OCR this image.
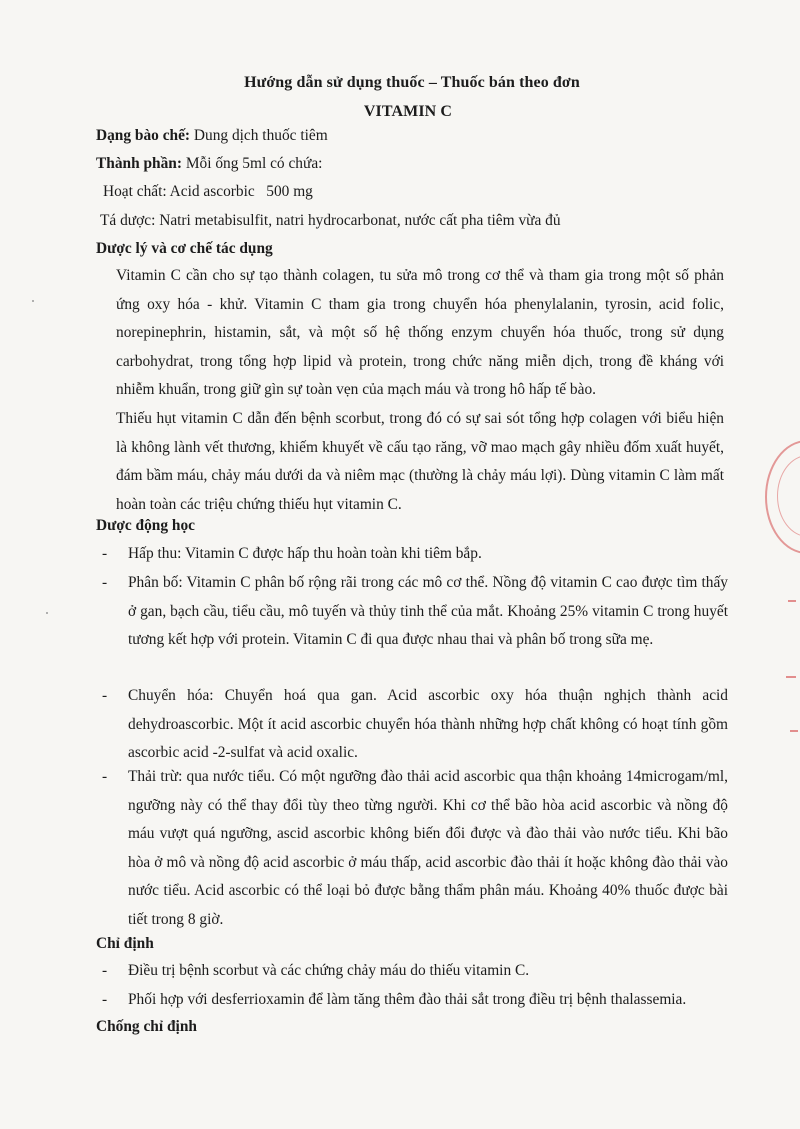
Hướng dẫn sử dụng thuốc – Thuốc bán theo đơn
VITAMIN C
Dạng bào chế: Dung dịch thuốc tiêm
Thành phần: Mỗi ống 5ml có chứa:
Hoạt chất: Acid ascorbic   500 mg
Tá dược: Natri metabisulfit, natri hydrocarbonat, nước cất pha tiêm vừa đủ
Dược lý và cơ chế tác dụng
Vitamin C cần cho sự tạo thành colagen, tu sửa mô trong cơ thể và tham gia trong một số phản ứng oxy hóa - khử. Vitamin C tham gia trong chuyển hóa phenylalanin, tyrosin, acid folic, norepinephrin, histamin, sắt, và một số hệ thống enzym chuyển hóa thuốc, trong sử dụng carbohydrat, trong tổng hợp lipid và protein, trong chức năng miễn dịch, trong đề kháng với nhiễm khuẩn, trong giữ gìn sự toàn vẹn của mạch máu và trong hô hấp tế bào.
Thiếu hụt vitamin C dẫn đến bệnh scorbut, trong đó có sự sai sót tổng hợp colagen với biểu hiện là không lành vết thương, khiếm khuyết về cấu tạo răng, vỡ mao mạch gây nhiều đốm xuất huyết, đám bầm máu, chảy máu dưới da và niêm mạc (thường là chảy máu lợi). Dùng vitamin C làm mất hoàn toàn các triệu chứng thiếu hụt vitamin C.
Dược động học
- Hấp thu: Vitamin C được hấp thu hoàn toàn khi tiêm bắp.
- Phân bố: Vitamin C phân bố rộng rãi trong các mô cơ thể. Nồng độ vitamin C cao được tìm thấy ở gan, bạch cầu, tiểu cầu, mô tuyến và thủy tinh thể của mắt. Khoảng 25% vitamin C trong huyết tương kết hợp với protein. Vitamin C đi qua được nhau thai và phân bố trong sữa mẹ.
- Chuyển hóa: Chuyển hoá qua gan. Acid ascorbic oxy hóa thuận nghịch thành acid dehydroascorbic. Một ít acid ascorbic chuyển hóa thành những hợp chất không có hoạt tính gồm ascorbic acid -2-sulfat và acid oxalic.
- Thải trừ: qua nước tiểu. Có một ngưỡng đào thải acid ascorbic qua thận khoảng 14microgam/ml, ngưỡng này có thể thay đổi tùy theo từng người. Khi cơ thể bão hòa acid ascorbic và nồng độ máu vượt quá ngưỡng, ascid ascorbic không biến đổi được và đào thải vào nước tiểu. Khi bão hòa ở mô và nồng độ acid ascorbic ở máu thấp, acid ascorbic đào thải ít hoặc không đào thải vào nước tiểu. Acid ascorbic có thể loại bỏ được bằng thẩm phân máu. Khoảng 40% thuốc được bài tiết trong 8 giờ.
Chỉ định
- Điều trị bệnh scorbut và các chứng chảy máu do thiếu vitamin C.
- Phối hợp với desferrioxamin để làm tăng thêm đào thải sắt trong điều trị bệnh thalassemia.
Chống chỉ định
